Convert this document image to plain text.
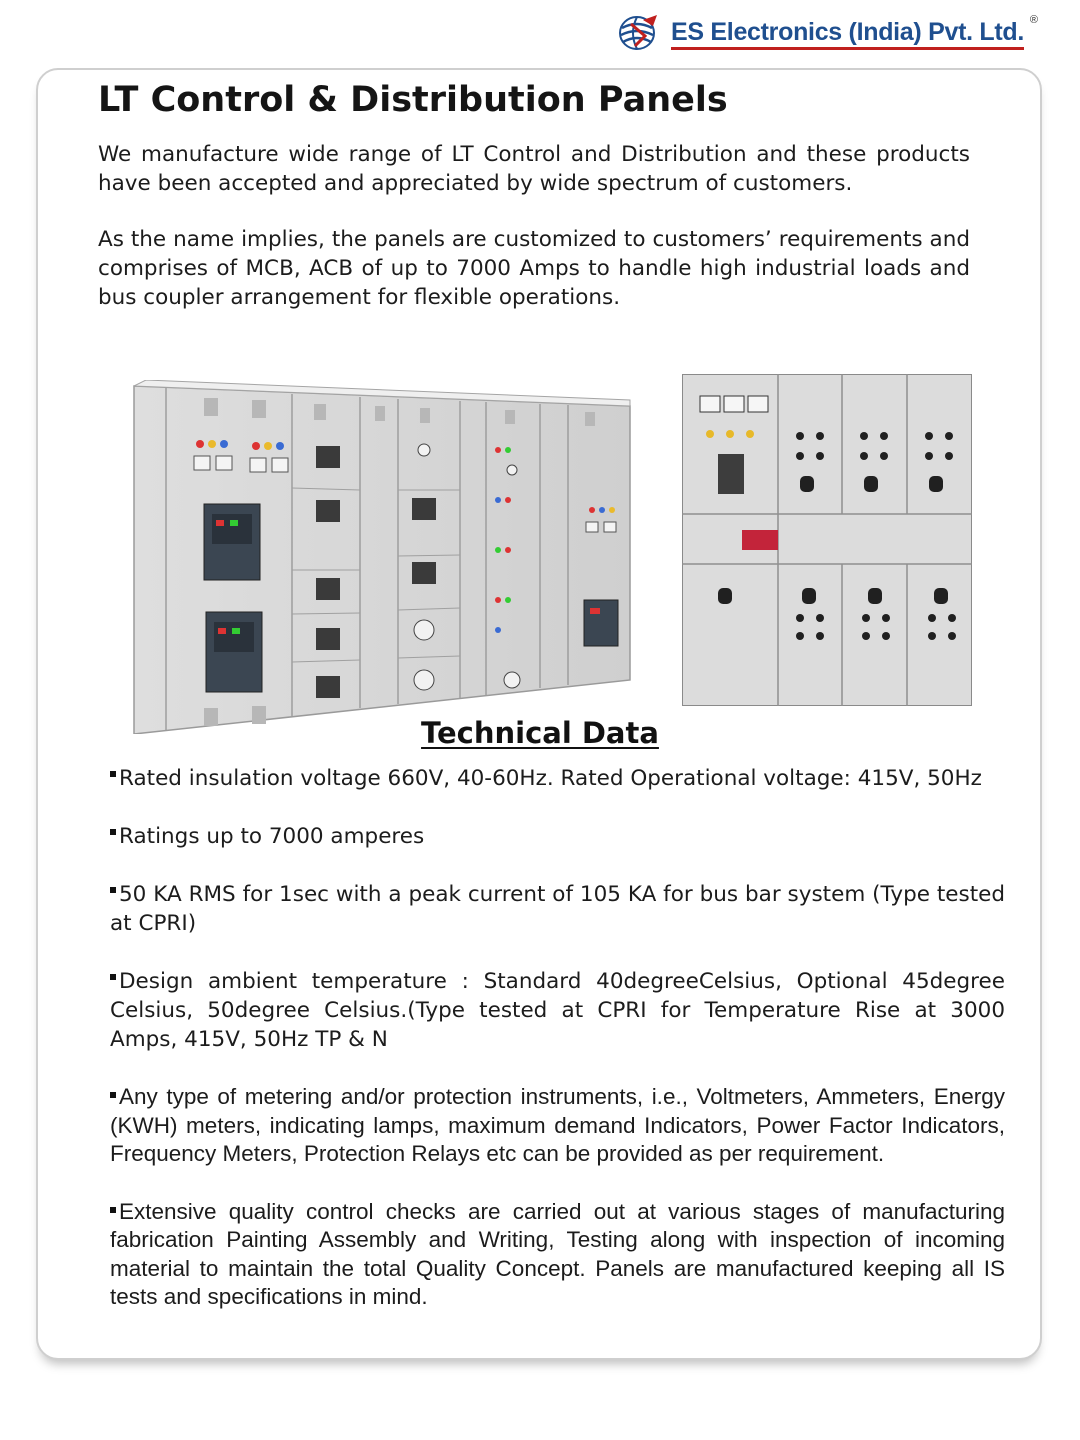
ES Electronics (India) Pvt. Ltd. ®
LT Control & Distribution Panels

We manufacture wide range of LT Control and Distribution and these products have been accepted and appreciated by wide spectrum of customers.

As the name implies, the panels are customized to customers’ requirements and comprises of MCB, ACB of up to 7000 Amps to handle high industrial loads and bus coupler arrangement for flexible operations.

Technical Data
Rated insulation voltage 660V, 40-60Hz. Rated Operational voltage: 415V, 50Hz
Ratings up to 7000 amperes
50 KA RMS for 1sec with a peak current of 105 KA for bus bar system (Type tested at CPRI)
Design ambient temperature : Standard 40degreeCelsius, Optional 45degree Celsius, 50degree Celsius.(Type tested at CPRI for Temperature Rise at 3000 Amps, 415V, 50Hz TP & N
Any type of metering and/or protection instruments, i.e., Voltmeters, Ammeters, Energy (KWH) meters, indicating lamps, maximum demand Indicators, Power Factor Indicators, Frequency Meters, Protection Relays etc can be provided as per requirement.
Extensive quality control checks are carried out at various stages of manufacturing fabrication Painting Assembly and Writing, Testing along with inspection of incoming material to maintain the total Quality Concept. Panels are manufactured keeping all IS tests and specifications in mind.
